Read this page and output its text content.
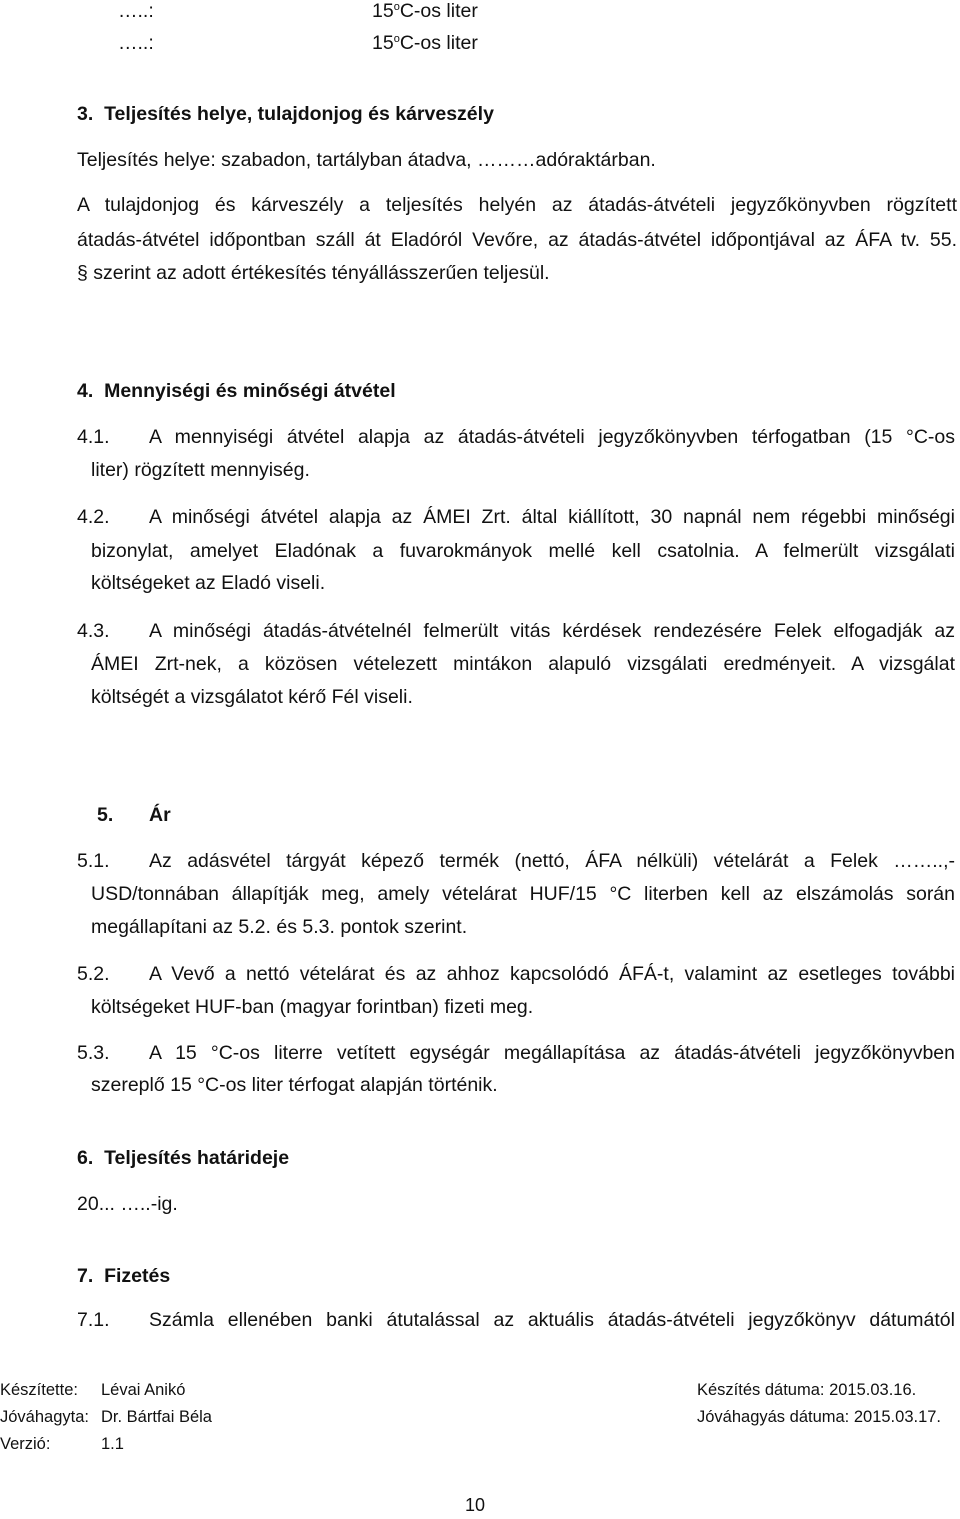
…..:	15$^o$C-os liter
…..:	15$^o$C-os liter
3.  Teljesítés helye, tulajdonjog és kárveszély
Teljesítés helye: szabadon, tartályban átadva, ………adóraktárban.
A tulajdonjog és kárveszély a teljesítés helyén az átadás-átvételi jegyzőkönyvben rögzített
átadás-átvétel időpontban száll át Eladóról Vevőre, az átadás-átvétel időpontjával az ÁFA tv. 55.
§ szerint az adott értékesítés tényállásszerűen teljesül.
4.  Mennyiségi és minőségi átvétel
4.1. A mennyiségi átvétel alapja az átadás-átvételi jegyzőkönyvben térfogatban (15 °C-os
liter) rögzített mennyiség.
4.2. A minőségi átvétel alapja az ÁMEI Zrt. által kiállított, 30 napnál nem régebbi minőségi
bizonylat, amelyet Eladónak a fuvarokmányok mellé kell csatolnia. A felmerült vizsgálati
költségeket az Eladó viseli.
4.3. A minőségi átadás-átvételnél felmerült vitás kérdések rendezésére Felek elfogadják az
ÁMEI Zrt-nek, a közösen vételezett mintákon alapuló vizsgálati eredményeit. A vizsgálat
költségét a vizsgálatot kérő Fél viseli.
5. Ár
5.1. Az adásvétel tárgyát képező termék (nettó, ÁFA nélküli) vételárát a Felek ……..,-
USD/tonnában állapítják meg, amely vételárat HUF/15 °C literben kell az elszámolás során
megállapítani az 5.2. és 5.3. pontok szerint.
5.2. A Vevő a nettó vételárat és az ahhoz kapcsolódó ÁFÁ-t, valamint az esetleges további
költségeket HUF-ban (magyar forintban) fizeti meg.
5.3. A 15 °C-os literre vetített egységár megállapítása az átadás-átvételi jegyzőkönyvben
szereplő 15 °C-os liter térfogat alapján történik.
6.  Teljesítés határideje
20... …..-ig.
7.  Fizetés
7.1. Számla ellenében banki átutalással az aktuális átadás-átvételi jegyzőkönyv dátumától
Készítette: Lévai Anikó	Készítés dátuma: 2015.03.16.
Jóváhagyta: Dr. Bártfai Béla	Jóváhagyás dátuma: 2015.03.17.
Verzió:	1.1
10
